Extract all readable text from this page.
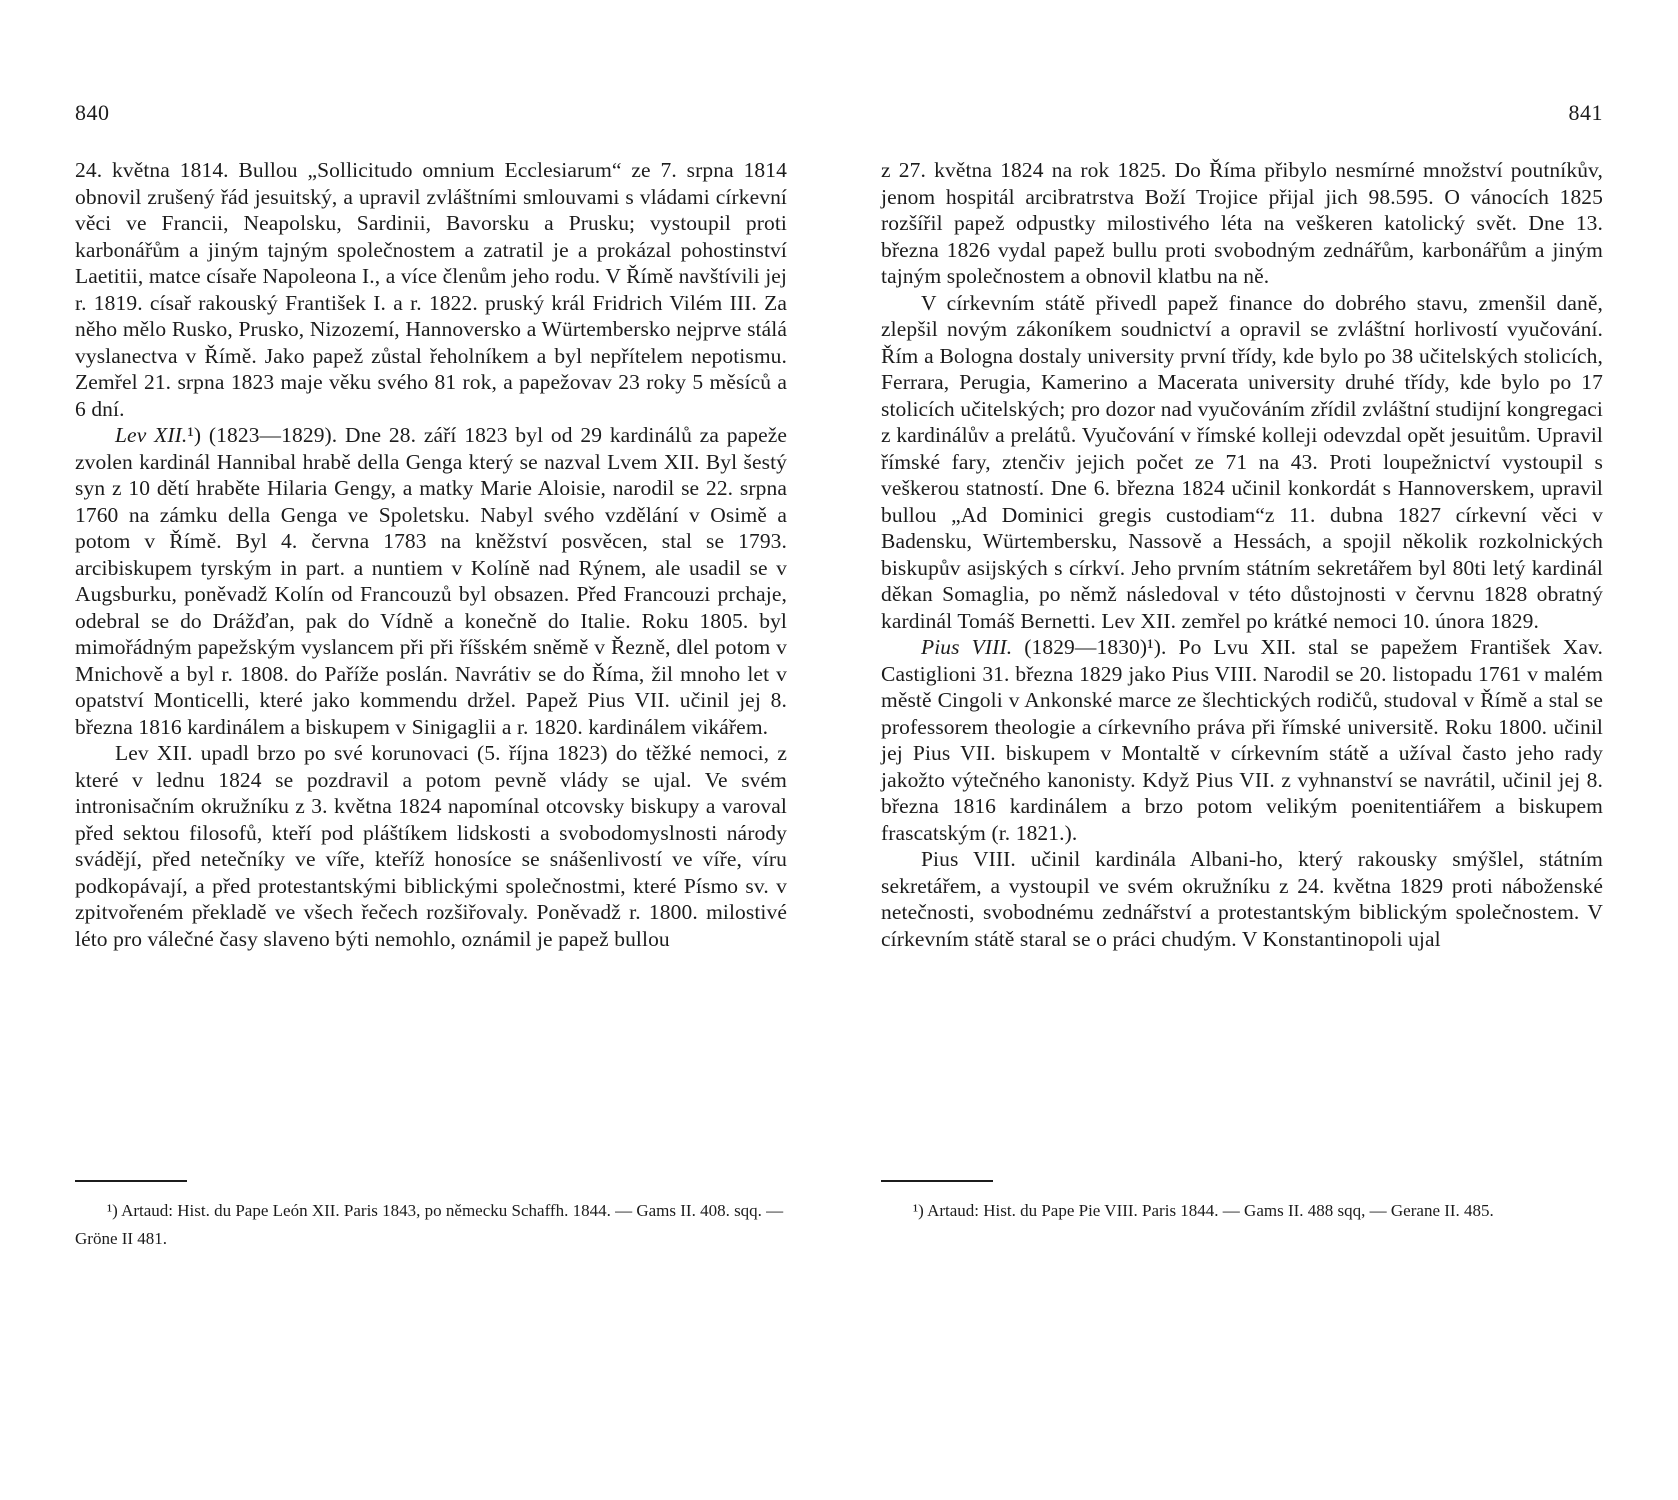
840

24. května 1814. Bullou „Sollicitudo omnium Ecclesiarum“ ze 7. srpna 1814 obnovil zrušený řád jesuitský, a upravil zvláštními smlouvami s vládami církevní věci ve Francii, Neapolsku, Sardinii, Bavorsku a Prusku; vystoupil proti karbonářům a jiným tajným společnostem a zatratil je a prokázal pohostinství Laetitii, matce císaře Napoleona I., a více členům jeho rodu. V Římě navštívili jej r. 1819. císař rakouský František I. a r. 1822. pruský král Fridrich Vilém III. Za něho mělo Rusko, Prusko, Nizozemí, Hannoversko a Würtembersko nejprve stálá vyslanectva v Římě. Jako papež zůstal řeholníkem a byl nepřítelem nepotismu. Zemřel 21. srpna 1823 maje věku svého 81 rok, a papežovav 23 roky 5 měsíců a 6 dní.

Lev XII.¹) (1823—1829). Dne 28. září 1823 byl od 29 kardinálů za papeže zvolen kardinál Hannibal hrabě della Genga který se nazval Lvem XII. Byl šestý syn z 10 dětí hraběte Hilaria Gengy, a matky Marie Aloisie, narodil se 22. srpna 1760 na zámku della Genga ve Spoletsku. Nabyl svého vzdělání v Osimě a potom v Římě. Byl 4. června 1783 na kněžství posvěcen, stal se 1793. arcibiskupem tyrským in part. a nuntiem v Kolíně nad Rýnem, ale usadil se v Augsburku, poněvadž Kolín od Francouzů byl obsazen. Před Francouzi prchaje, odebral se do Drážďan, pak do Vídně a konečně do Italie. Roku 1805. byl mimořádným papežským vyslancem při při říšském sněmě v Řezně, dlel potom v Mnichově a byl r. 1808. do Paříže poslán. Navrátiv se do Říma, žil mnoho let v opatství Monticelli, které jako kommendu držel. Papež Pius VII. učinil jej 8. března 1816 kardinálem a biskupem v Sinigaglii a r. 1820. kardinálem vikářem.

Lev XII. upadl brzo po své korunovaci (5. října 1823) do těžké nemoci, z které v lednu 1824 se pozdravil a potom pevně vlády se ujal. Ve svém intronisačním okružníku z 3. května 1824 napomínal otcovsky biskupy a varoval před sektou filosofů, kteří pod pláštíkem lidskosti a svobodomyslnosti národy svádějí, před netečníky ve víře, kteříž honosíce se snášenlivostí ve víře, víru podkopávají, a před protestantskými biblickými společnostmi, které Písmo sv. v zpitvořeném překladě ve všech řečech rozšiřovaly. Poněvadž r. 1800. milostivé léto pro válečné časy slaveno býti nemohlo, oznámil je papež bullou

¹) Artaud: Hist. du Pape León XII. Paris 1843, po německu Schaffh. 1844. — Gams II. 408. sqq. — Gröne II 481.

841

z 27. května 1824 na rok 1825. Do Říma přibylo nesmírné množství poutníkův, jenom hospitál arcibratrstva Boží Trojice přijal jich 98.595. O vánocích 1825 rozšířil papež odpustky milostivého léta na veškeren katolický svět. Dne 13. března 1826 vydal papež bullu proti svobodným zednářům, karbonářům a jiným tajným společnostem a obnovil klatbu na ně.

V církevním státě přivedl papež finance do dobrého stavu, zmenšil daně, zlepšil novým zákoníkem soudnictví a opravil se zvláštní horlivostí vyučování. Řím a Bologna dostaly university první třídy, kde bylo po 38 učitelských stolicích, Ferrara, Perugia, Kamerino a Macerata university druhé třídy, kde bylo po 17 stolicích učitelských; pro dozor nad vyučováním zřídil zvláštní studijní kongregaci z kardinálův a prelátů. Vyučování v římské kolleji odevzdal opět jesuitům. Upravil římské fary, ztenčiv jejich počet ze 71 na 43. Proti loupežnictví vystoupil s veškerou statností. Dne 6. března 1824 učinil konkordát s Hannoverskem, upravil bullou „Ad Dominici gregis custodiam“z 11. dubna 1827 církevní věci v Badensku, Würtembersku, Nassově a Hessách, a spojil několik rozkolnických biskupův asijských s církví. Jeho prvním státním sekretářem byl 80ti letý kardinál děkan Somaglia, po němž následoval v této důstojnosti v červnu 1828 obratný kardinál Tomáš Bernetti. Lev XII. zemřel po krátké nemoci 10. února 1829.

Pius VIII. (1829—1830)¹). Po Lvu XII. stal se papežem František Xav. Castiglioni 31. března 1829 jako Pius VIII. Narodil se 20. listopadu 1761 v malém městě Cingoli v Ankonské marce ze šlechtických rodičů, studoval v Římě a stal se professorem theologie a církevního práva při římské universitě. Roku 1800. učinil jej Pius VII. biskupem v Montaltě v církevním státě a užíval často jeho rady jakožto výtečného kanonisty. Když Pius VII. z vyhnanství se navrátil, učinil jej 8. března 1816 kardinálem a brzo potom velikým poenitentiářem a biskupem frascatským (r. 1821.).

Pius VIII. učinil kardinála Albani-ho, který rakousky smýšlel, státním sekretářem, a vystoupil ve svém okružníku z 24. května 1829 proti náboženské netečnosti, svobodnému zednářství a protestantským biblickým společnostem. V církevním státě staral se o práci chudým. V Konstantinopoli ujal

¹) Artaud: Hist. du Pape Pie VIII. Paris 1844. — Gams II. 488 sqq, — Gerane II. 485.
